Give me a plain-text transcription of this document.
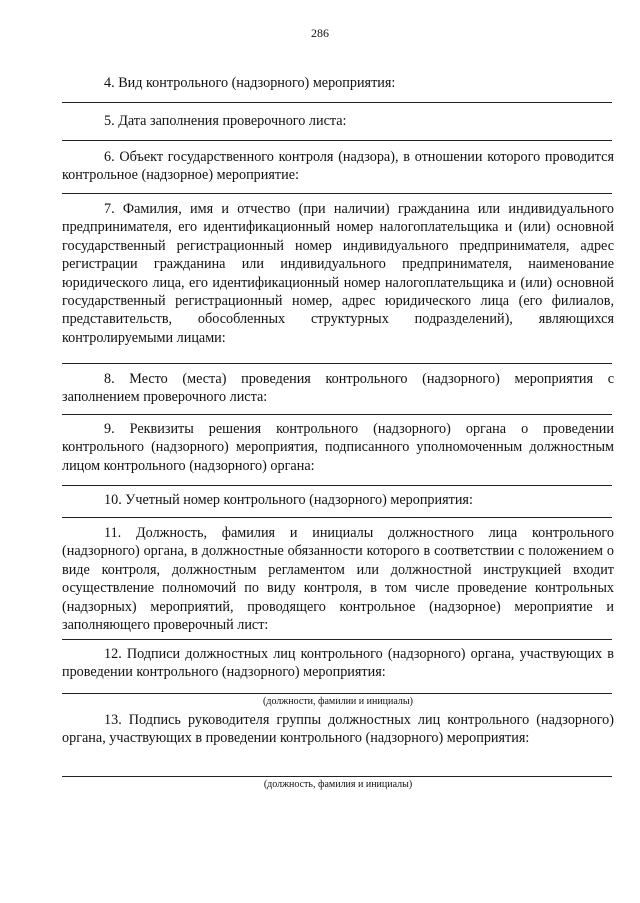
286
4. Вид контрольного (надзорного) мероприятия:
5. Дата заполнения проверочного листа:
6. Объект государственного контроля (надзора), в отношении которого проводится контрольное (надзорное) мероприятие:
7. Фамилия, имя и отчество (при наличии) гражданина или индивидуального предпринимателя, его идентификационный номер налогоплательщика и (или) основной государственный регистрационный номер индивидуального предпринимателя, адрес регистрации гражданина или индивидуального предпринимателя, наименование юридического лица, его идентификационный номер налогоплательщика и (или) основной государственный регистрационный номер, адрес юридического лица (его филиалов, представительств, обособленных структурных подразделений), являющихся контролируемыми лицами:
8. Место (места) проведения контрольного (надзорного) мероприятия с заполнением проверочного листа:
9. Реквизиты решения контрольного (надзорного) органа о проведении контрольного (надзорного) мероприятия, подписанного уполномоченным должностным лицом контрольного (надзорного) органа:
10. Учетный номер контрольного (надзорного) мероприятия:
11. Должность, фамилия и инициалы должностного лица контрольного (надзорного) органа, в должностные обязанности которого в соответствии с положением о виде контроля, должностным регламентом или должностной инструкцией входит осуществление полномочий по виду контроля, в том числе проведение контрольных (надзорных) мероприятий, проводящего контрольное (надзорное) мероприятие и заполняющего проверочный лист:
12. Подписи должностных лиц контрольного (надзорного) органа, участвующих в проведении контрольного (надзорного) мероприятия:
(должности, фамилии и инициалы)
13. Подпись руководителя группы должностных лиц контрольного (надзорного) органа, участвующих в проведении контрольного (надзорного) мероприятия:
(должность, фамилия и инициалы)
